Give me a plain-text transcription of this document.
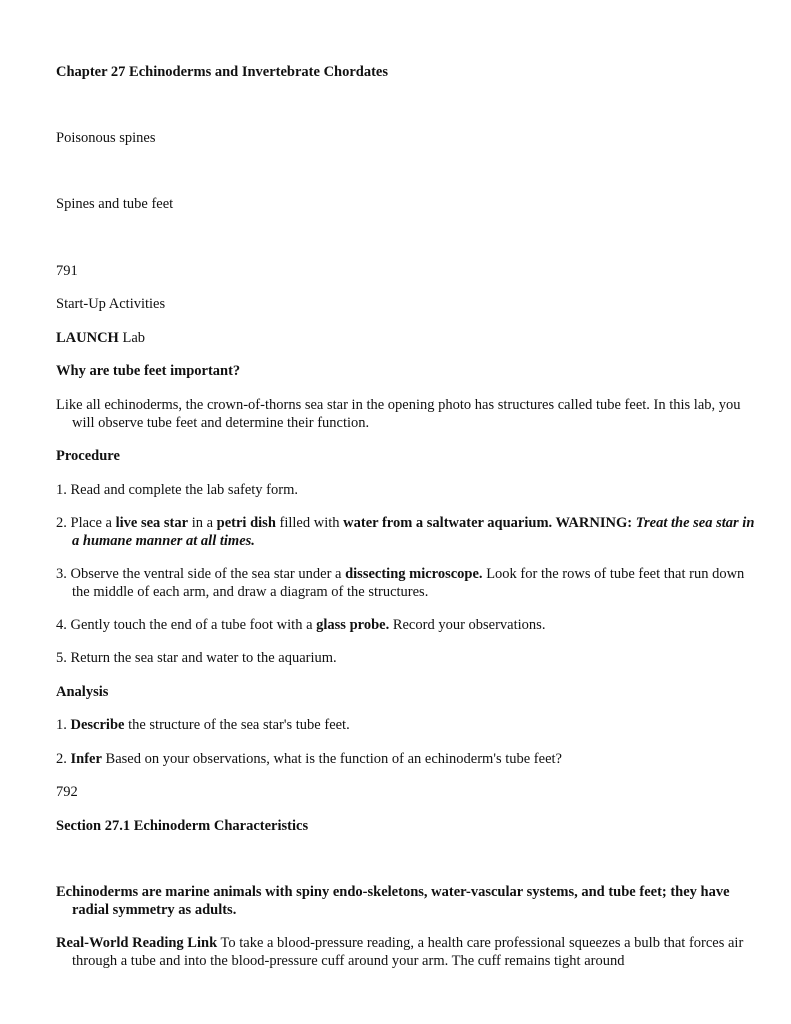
Chapter 27 Echinoderms and Invertebrate Chordates
Poisonous spines
Spines and tube feet
791
Start-Up Activities
LAUNCH Lab
Why are tube feet important?
Like all echinoderms, the crown-of-thorns sea star in the opening photo has structures called tube feet. In this lab, you will observe tube feet and determine their function.
Procedure
1. Read and complete the lab safety form.
2. Place a live sea star in a petri dish filled with water from a saltwater aquarium. WARNING: Treat the sea star in a humane manner at all times.
3. Observe the ventral side of the sea star under a dissecting microscope. Look for the rows of tube feet that run down the middle of each arm, and draw a diagram of the structures.
4. Gently touch the end of a tube foot with a glass probe. Record your observations.
5. Return the sea star and water to the aquarium.
Analysis
1. Describe the structure of the sea star's tube feet.
2. Infer Based on your observations, what is the function of an echinoderm's tube feet?
792
Section 27.1 Echinoderm Characteristics
Echinoderms are marine animals with spiny endo-skeletons, water-vascular systems, and tube feet; they have radial symmetry as adults.
Real-World Reading Link To take a blood-pressure reading, a health care professional squeezes a bulb that forces air through a tube and into the blood-pressure cuff around your arm. The cuff remains tight around
